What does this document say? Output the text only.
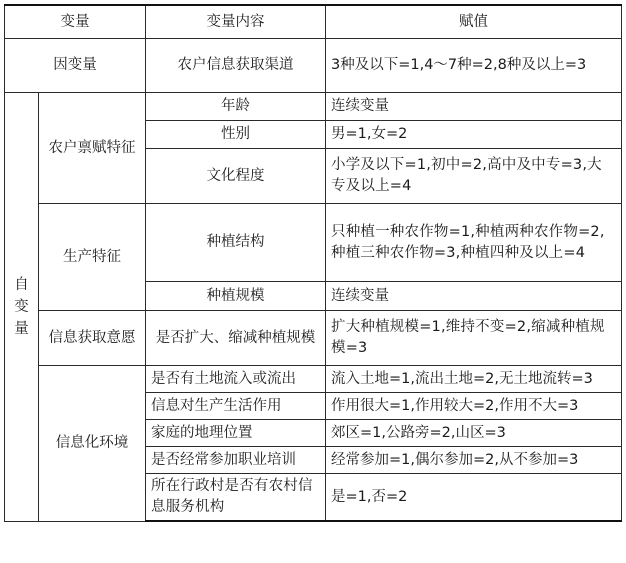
变量		变量内容	赋值
因变量		农户信息获取渠道	3种及以下=1,4～7种=2,8种及以上=3

自变量	农户禀赋特征	年龄	连续变量
		性别	男=1,女=2
		文化程度	小学及以下=1,初中=2,高中及中专=3,大专及以上=4
	生产特征	种植结构	只种植一种农作物=1,种植两种农作物=2,种植三种农作物=3,种植四种及以上=4
		种植规模	连续变量
	信息获取意愿	是否扩大、缩减种植规模	扩大种植规模=1,维持不变=2,缩减种植规模=3
	信息化环境	是否有土地流入或流出	流入土地=1,流出土地=2,无土地流转=3
		信息对生产生活作用	作用很大=1,作用较大=2,作用不大=3
		家庭的地理位置	郊区=1,公路旁=2,山区=3
		是否经常参加职业培训	经常参加=1,偶尔参加=2,从不参加=3
		所在行政村是否有农村信息服务机构	是=1,否=2
